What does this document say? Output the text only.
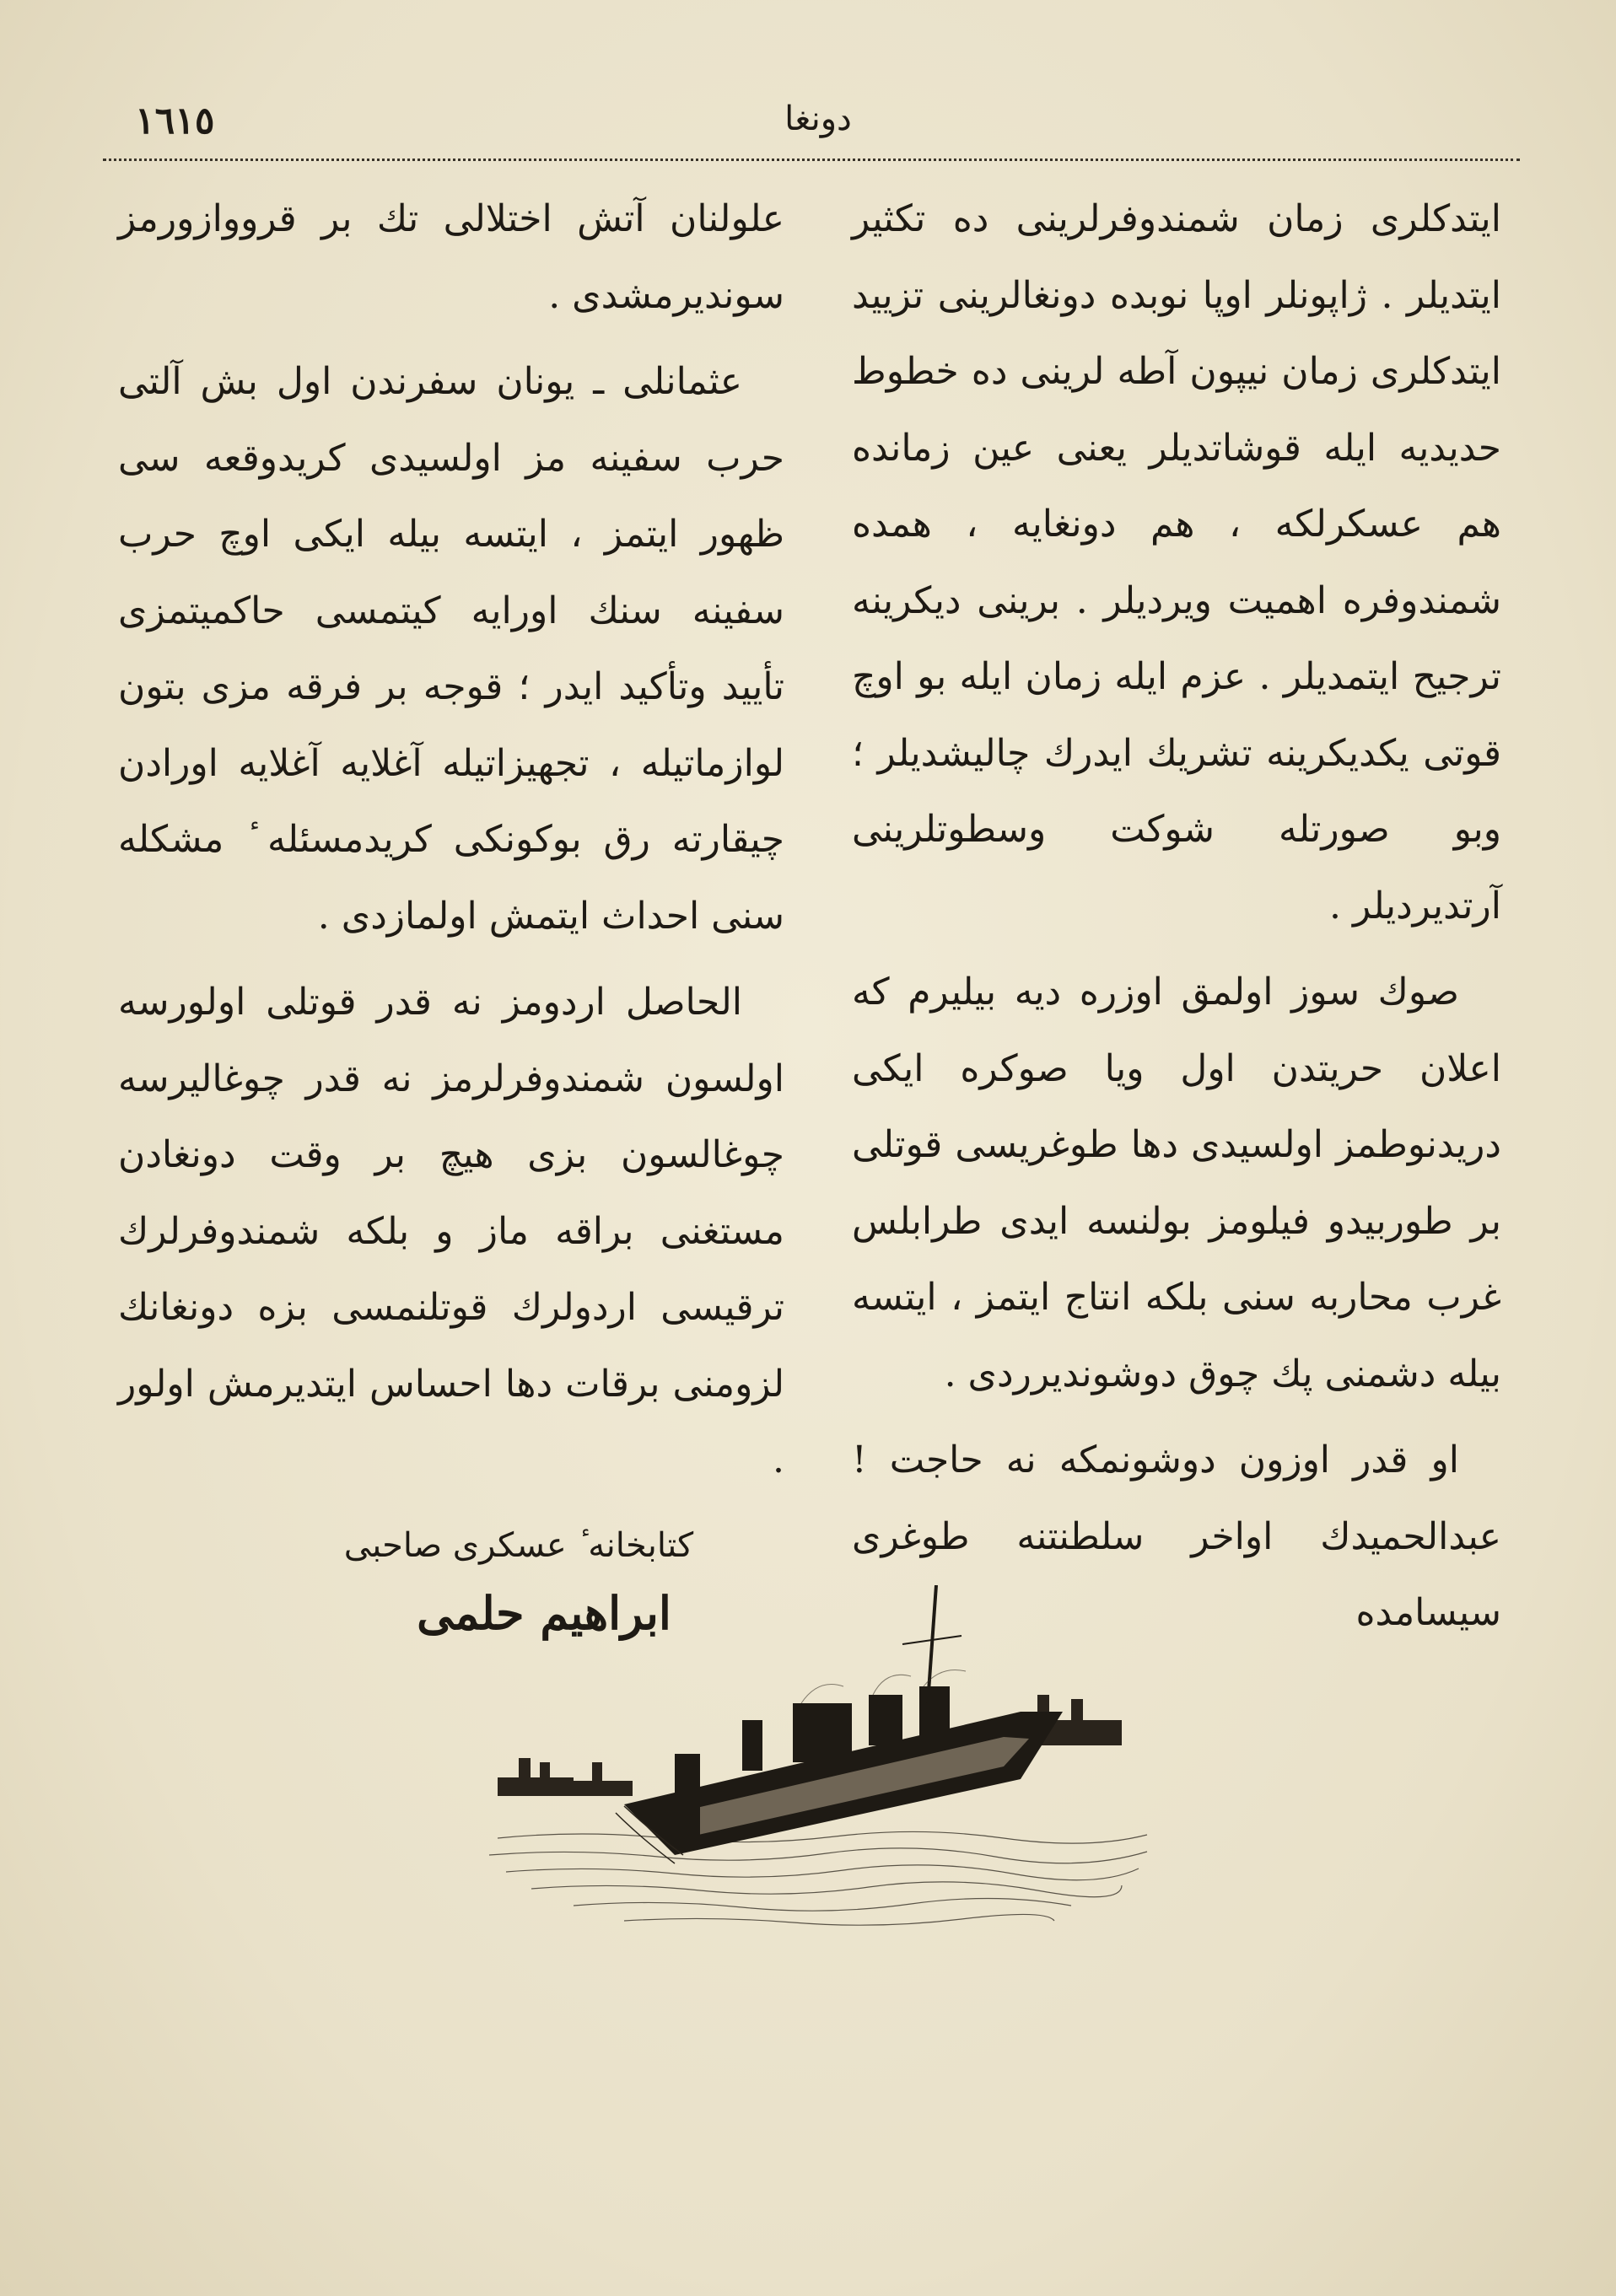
١٦١٥	دونغا

ایتدكلری زمان شمندوفرلرینی ده تكثیر ایتدیلر . ژاپونلر اوپا نوبده دونغالرینی تزیید ایتدكلری زمان نیپون آطه لرینی ده خطوط حدیدیه ایله قوشاتدیلر یعنی عین زمانده هم عسكرلكه ، هم دونغایه ، همده شمندوفره اهمیت ویردیلر . برینی دیكرینه ترجیح ایتمدیلر . عزم ایله زمان ایله بو اوچ قوتی یكدیكرینه تشریك ایدرك چالیشدیلر ؛ وبو صورتله شوكت وسطوتلرینی آرتدیردیلر .

صوك سوز اولمق اوزره دیه بیلیرم كه اعلان حریتدن اول ویا صوكره ایكی دریدنوطمز اولسیدی دها طوغریسی قوتلی بر طوربیدو فیلومز بولنسه ایدی طرابلس غرب محاربه سنی بلكه انتاج ایتمز ، ایتسه بیله دشمنی پك چوق دوشوندیرردی .

او قدر اوزون دوشونمكه نه حاجت ! عبدالحمیدك اواخر سلطنتنه طوغری سیسامده

علولنان آتش اختلالی تك بر قرووازورمز سوندیرمشدی .

عثمانلی ـ یونان سفرندن اول بش آلتی حرب سفینه مز اولسیدی كریدوقعه سی ظهور ایتمز ، ایتسه بیله ایكی اوچ حرب سفینه سنك اورایه كیتمسی حاكمیتمزی تأیید وتأكید ایدر ؛ قوجه بر فرقه مزی بتون لوازماتیله ، تجهیزاتیله آغلایه آغلایه اورادن چیقارته رق بوكونكی كریدمسئله ٔ مشكله سنی احداث ایتمش اولمازدی .

الحاصل اردومز نه قدر قوتلی اولورسه اولسون شمندوفرلرمز نه قدر چوغالیرسه چوغالسون بزی هیچ بر وقت دونغادن مستغنی براقه ماز و بلكه شمندوفرلرك ترقیسی اردولرك قوتلنمسی بزه دونغانك لزومنی برقات دها احساس ایتدیرمش اولور .

كتابخانه ٔ عسكری صاحبی
ابراهیم حلمی
